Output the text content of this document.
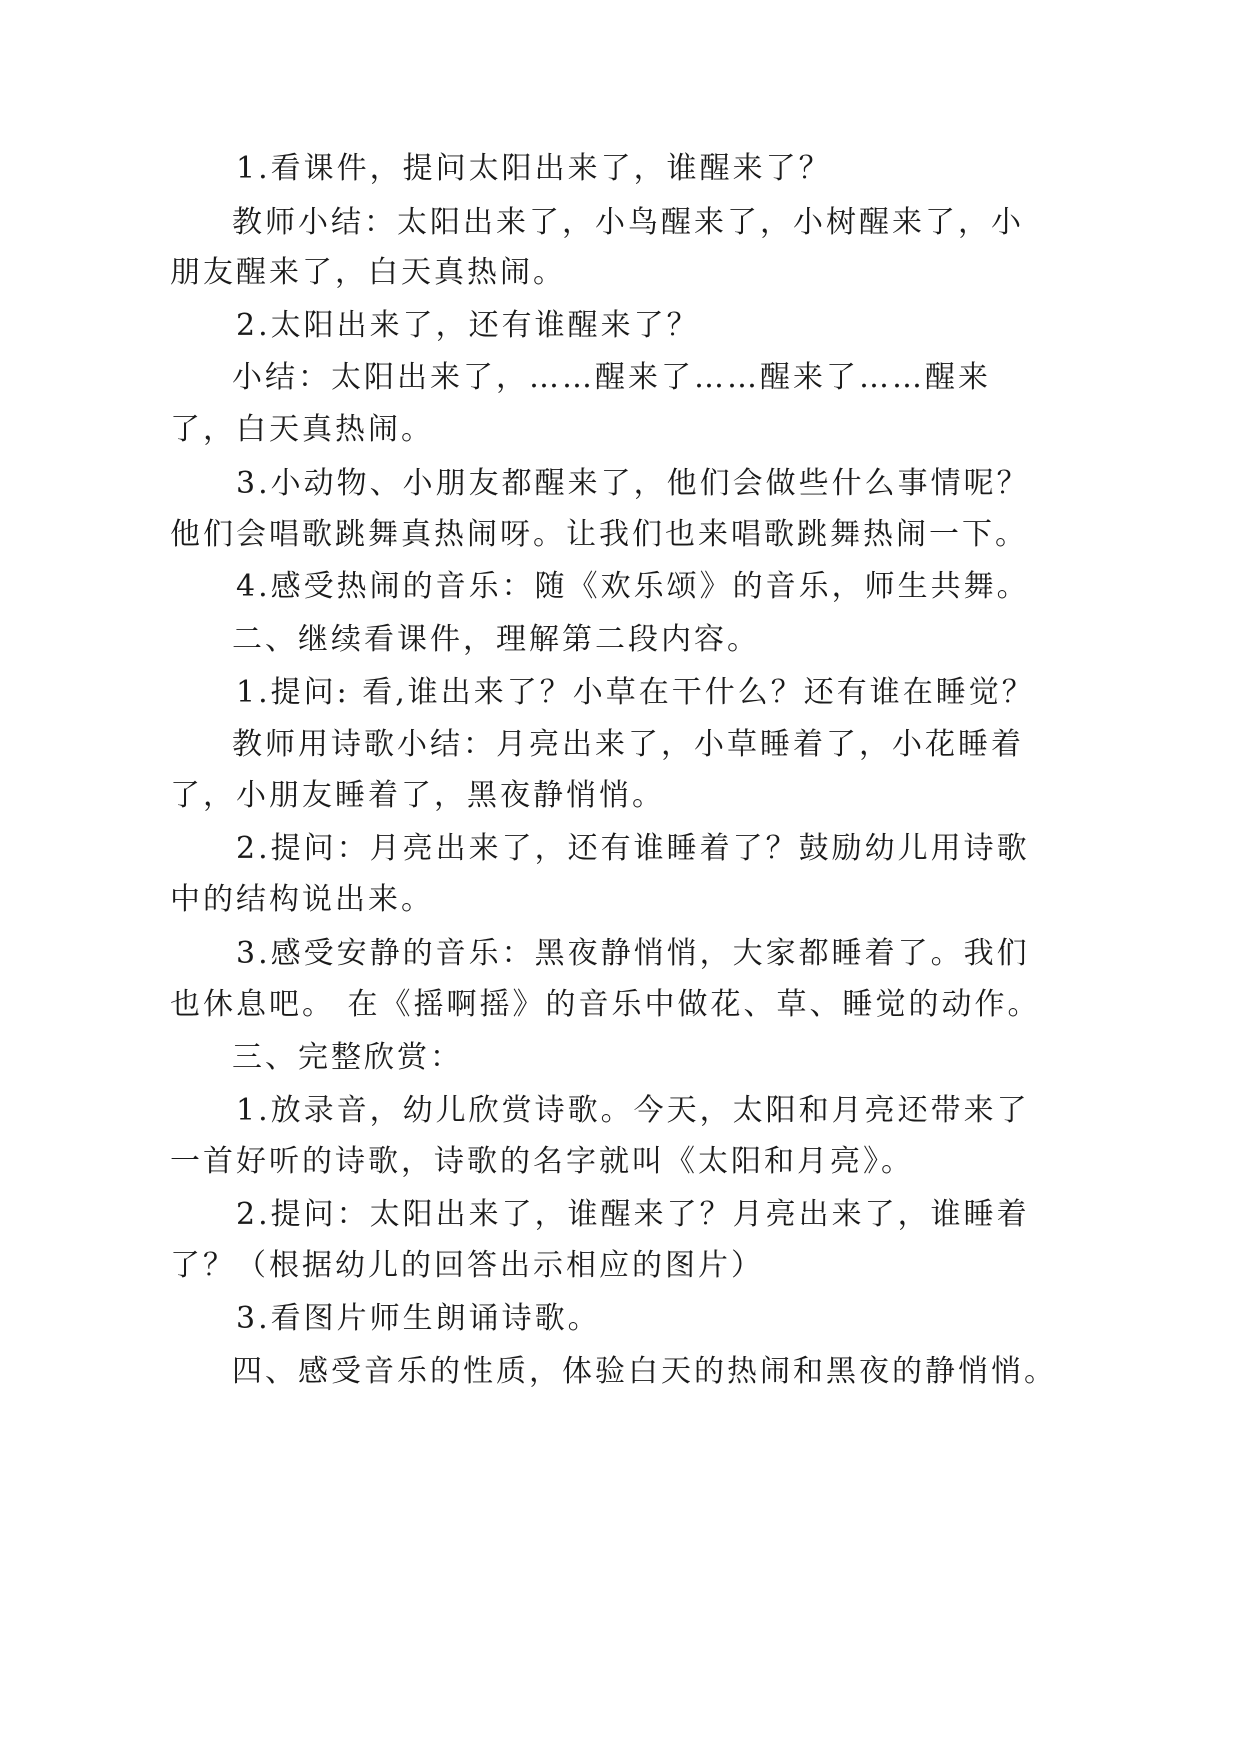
1.看课件，提问太阳出来了，谁醒来了？
教师小结：太阳出来了，小鸟醒来了，小树醒来了，小
朋友醒来了，白天真热闹。
2.太阳出来了，还有谁醒来了？
小结：太阳出来了，……醒来了……醒来了……醒来
了，白天真热闹。
3.小动物、小朋友都醒来了，他们会做些什么事情呢？
他们会唱歌跳舞真热闹呀。让我们也来唱歌跳舞热闹一下。
4.感受热闹的音乐：随《欢乐颂》的音乐，师生共舞。
二、继续看课件，理解第二段内容。
1.提问: 看,谁出来了？小草在干什么？还有谁在睡觉？
教师用诗歌小结：月亮出来了，小草睡着了，小花睡着
了，小朋友睡着了，黑夜静悄悄。
2.提问：月亮出来了，还有谁睡着了？鼓励幼儿用诗歌
中的结构说出来。
3.感受安静的音乐：黑夜静悄悄，大家都睡着了。我们
也休息吧。 在《摇啊摇》的音乐中做花、草、睡觉的动作。
三、完整欣赏：
1.放录音，幼儿欣赏诗歌。今天，太阳和月亮还带来了
一首好听的诗歌，诗歌的名字就叫《太阳和月亮》。
2.提问：太阳出来了，谁醒来了？月亮出来了，谁睡着
了？（根据幼儿的回答出示相应的图片）
3.看图片师生朗诵诗歌。
四、感受音乐的性质，体验白天的热闹和黑夜的静悄悄。
